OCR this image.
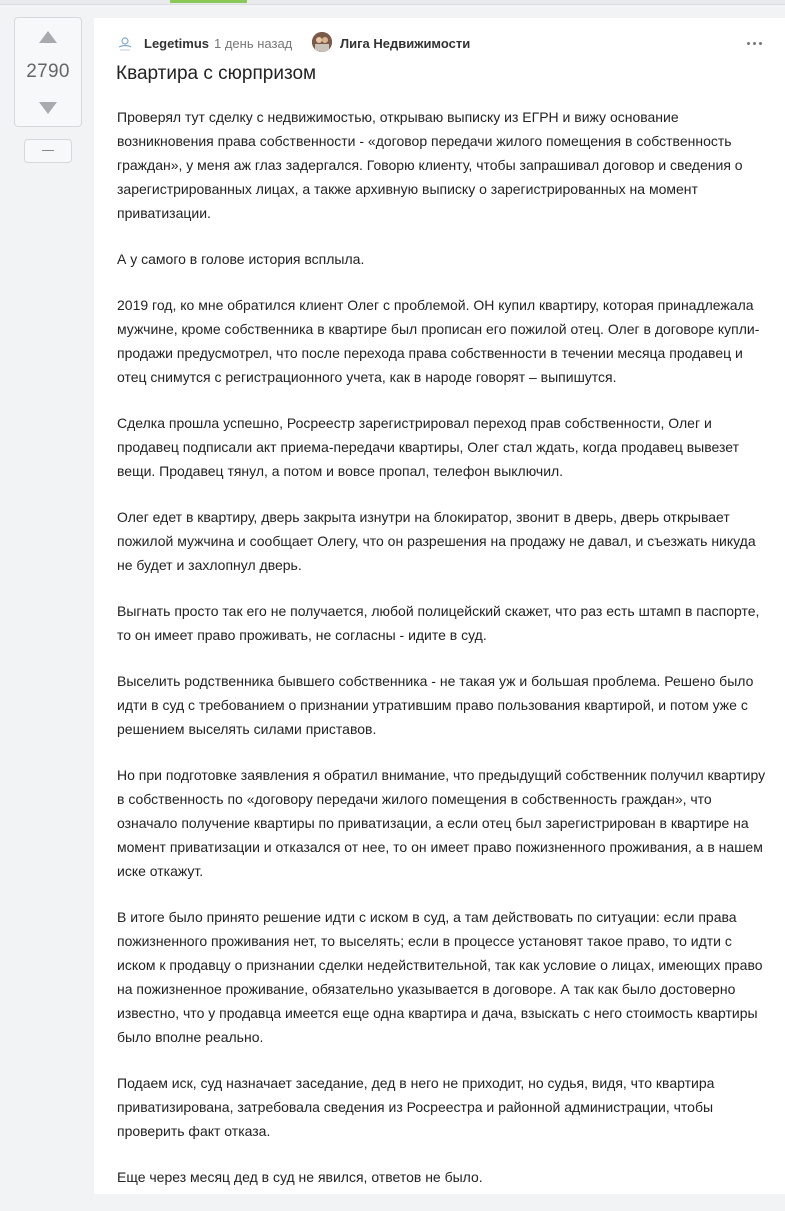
2790
Legetimus 1 день назад	Лига Недвижимости
Квартира с сюрпризом

Проверял тут сделку с недвижимостью, открываю выписку из ЕГРН и вижу основание возникновения права собственности - «договор передачи жилого помещения в собственность граждан», у меня аж глаз задергался. Говорю клиенту, чтобы запрашивал договор и сведения о зарегистрированных лицах, а также архивную выписку о зарегистрированных на момент приватизации.

А у самого в голове история всплыла.

2019 год, ко мне обратился клиент Олег с проблемой. ОН купил квартиру, которая принадлежала мужчине, кроме собственника в квартире был прописан его пожилой отец. Олег в договоре купли-продажи предусмотрел, что после перехода права собственности в течении месяца продавец и отец снимутся с регистрационного учета, как в народе говорят – выпишутся.

Сделка прошла успешно, Росреестр зарегистрировал переход прав собственности, Олег и продавец подписали акт приема-передачи квартиры, Олег стал ждать, когда продавец вывезет вещи. Продавец тянул, а потом и вовсе пропал, телефон выключил.

Олег едет в квартиру, дверь закрыта изнутри на блокиратор, звонит в дверь, дверь открывает пожилой мужчина и сообщает Олегу, что он разрешения на продажу не давал, и съезжать никуда не будет и захлопнул дверь.

Выгнать просто так его не получается, любой полицейский скажет, что раз есть штамп в паспорте, то он имеет право проживать, не согласны - идите в суд.

Выселить родственника бывшего собственника - не такая уж и большая проблема. Решено было идти в суд с требованием о признании утратившим право пользования квартирой, и потом уже с решением выселять силами приставов.

Но при подготовке заявления я обратил внимание, что предыдущий собственник получил квартиру в собственность по «договору передачи жилого помещения в собственность граждан», что означало получение квартиры по приватизации, а если отец был зарегистрирован в квартире на момент приватизации и отказался от нее, то он имеет право пожизненного проживания, а в нашем иске откажут.

В итоге было принято решение идти с иском в суд, а там действовать по ситуации: если права пожизненного проживания нет, то выселять; если в процессе установят такое право, то идти с иском к продавцу о признании сделки недействительной, так как условие о лицах, имеющих право на пожизненное проживание, обязательно указывается в договоре. А так как было достоверно известно, что у продавца имеется еще одна квартира и дача, взыскать с него стоимость квартиры было вполне реально.

Подаем иск, суд назначает заседание, дед в него не приходит, но судья, видя, что квартира приватизирована, затребовала сведения из Росреестра и районной администрации, чтобы проверить факт отказа.

Еще через месяц дед в суд не явился, ответов не было.
